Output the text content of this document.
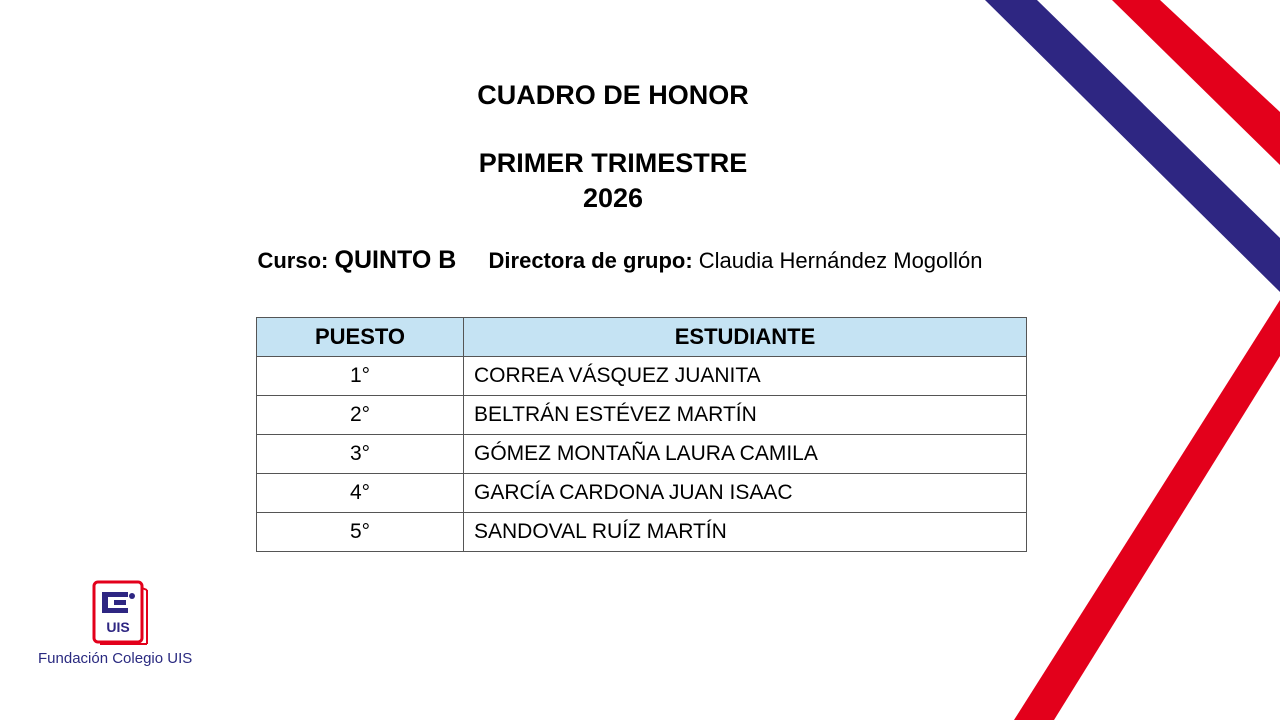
CUADRO DE HONOR
PRIMER TRIMESTRE
2026
Curso: QUINTO B Directora de grupo: Claudia Hernández Mogollón
PUESTO	ESTUDIANTE
1°	CORREA VÁSQUEZ JUANITA
2°	BELTRÁN ESTÉVEZ MARTÍN
3°	GÓMEZ MONTAÑA LAURA CAMILA
4°	GARCÍA CARDONA JUAN ISAAC
5°	SANDOVAL RUÍZ MARTÍN
UIS
Fundación Colegio UIS
